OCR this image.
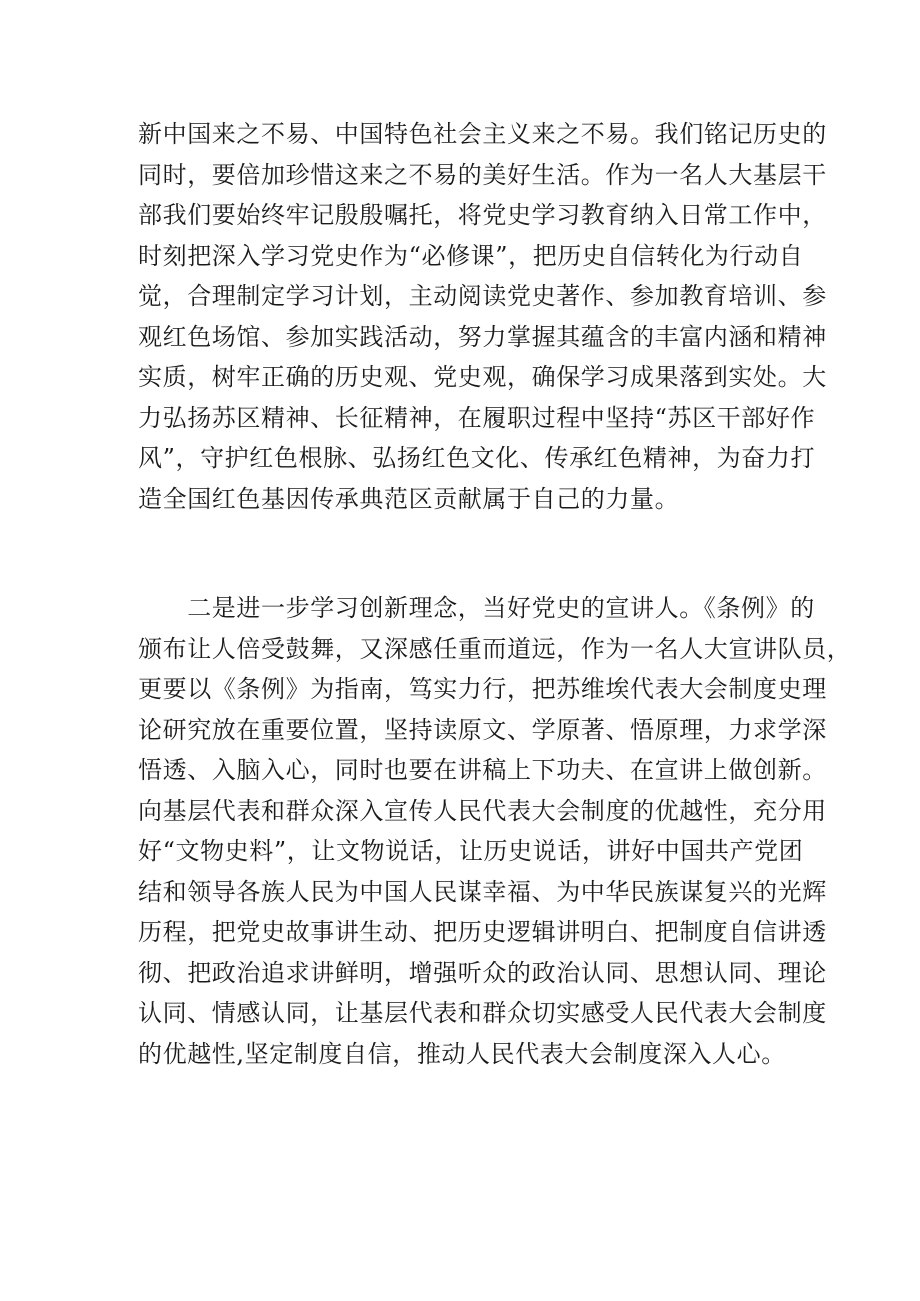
新中国来之不易、中国特色社会主义来之不易。我们铭记历史的
同时，要倍加珍惜这来之不易的美好生活。作为一名人大基层干
部我们要始终牢记殷殷嘱托，将党史学习教育纳入日常工作中，
时刻把深入学习党史作为“必修课”，把历史自信转化为行动自
觉，合理制定学习计划，主动阅读党史著作、参加教育培训、参
观红色场馆、参加实践活动，努力掌握其蕴含的丰富内涵和精神
实质，树牢正确的历史观、党史观，确保学习成果落到实处。大
力弘扬苏区精神、长征精神，在履职过程中坚持“苏区干部好作
风”，守护红色根脉、弘扬红色文化、传承红色精神，为奋力打
造全国红色基因传承典范区贡献属于自己的力量。
　　二是进一步学习创新理念，当好党史的宣讲人。《条例》的
颁布让人倍受鼓舞，又深感任重而道远，作为一名人大宣讲队员，
更要以《条例》为指南，笃实力行，把苏维埃代表大会制度史理
论研究放在重要位置，坚持读原文、学原著、悟原理，力求学深
悟透、入脑入心，同时也要在讲稿上下功夫、在宣讲上做创新。
向基层代表和群众深入宣传人民代表大会制度的优越性，充分用
好“文物史料”，让文物说话，让历史说话，讲好中国共产党团
结和领导各族人民为中国人民谋幸福、为中华民族谋复兴的光辉
历程，把党史故事讲生动、把历史逻辑讲明白、把制度自信讲透
彻、把政治追求讲鲜明，增强听众的政治认同、思想认同、理论
认同、情感认同，让基层代表和群众切实感受人民代表大会制度
的优越性,坚定制度自信，推动人民代表大会制度深入人心。
